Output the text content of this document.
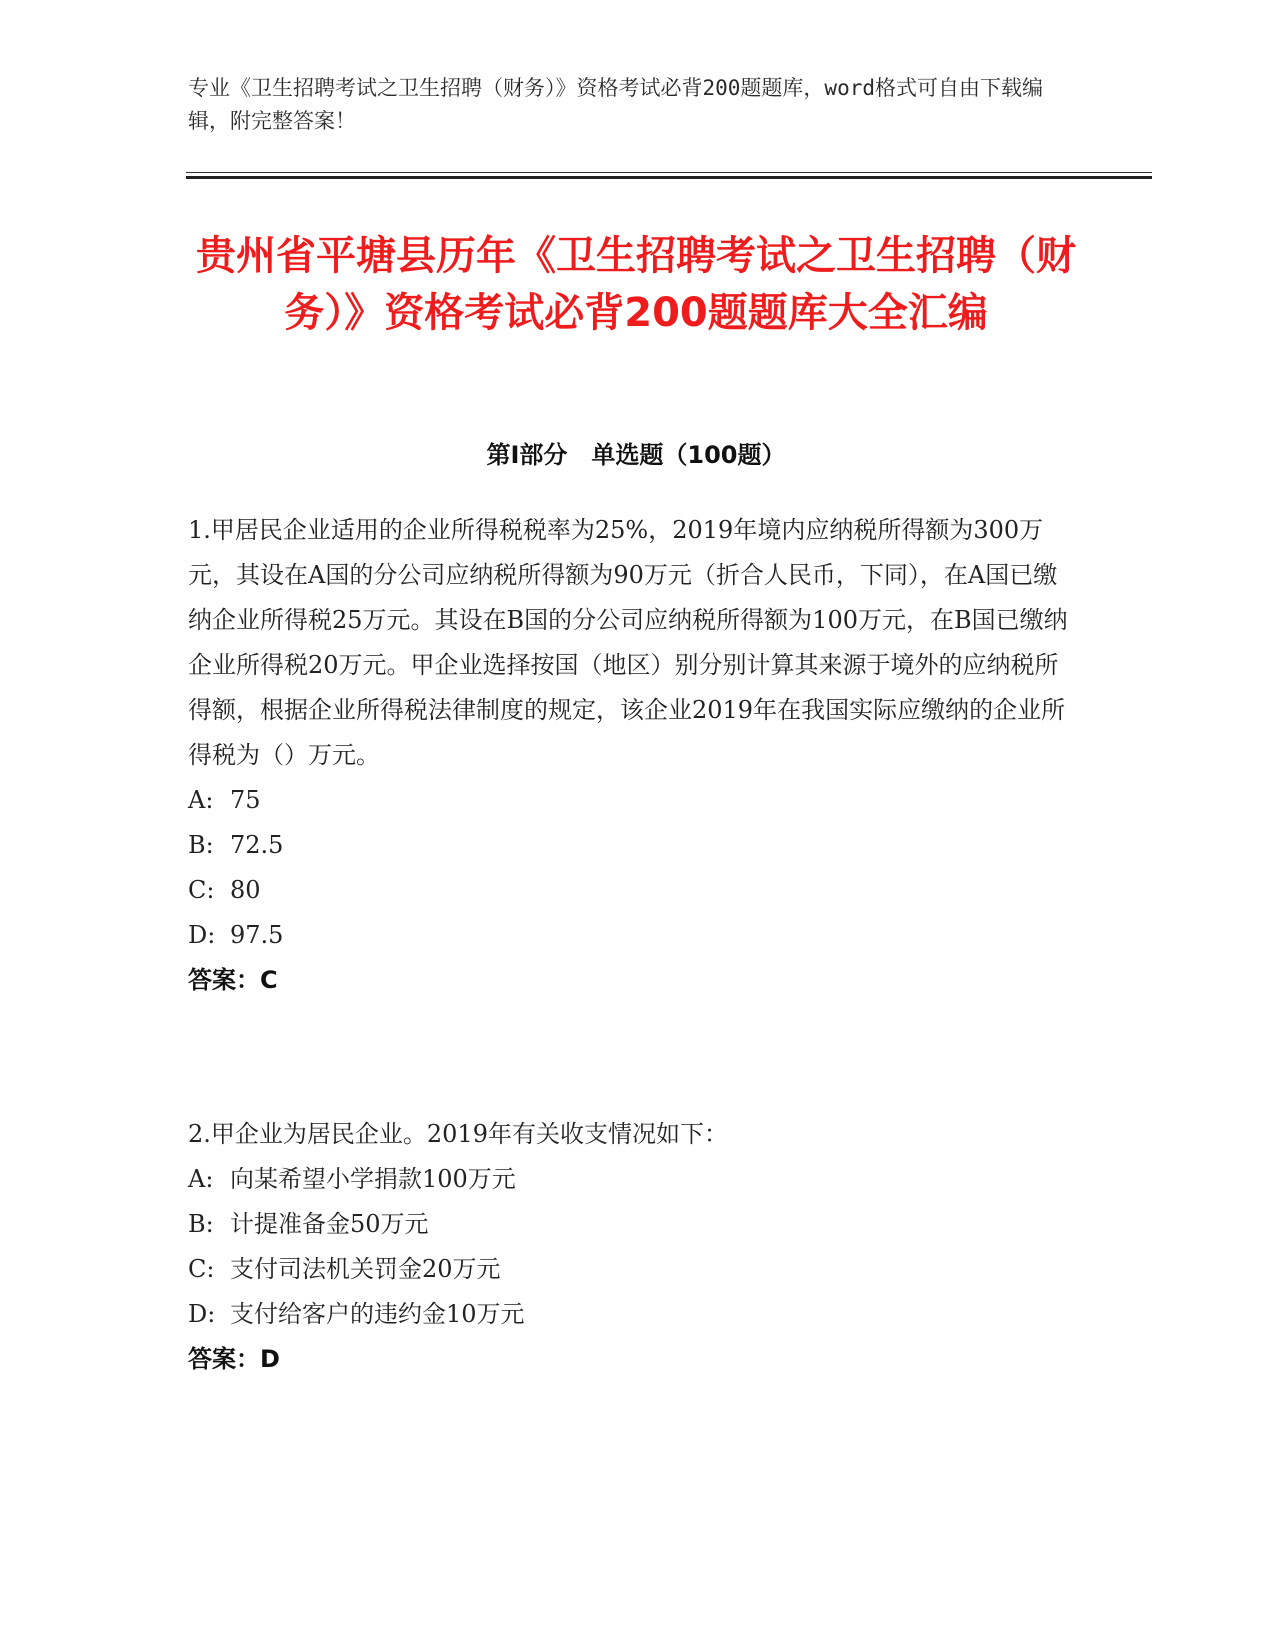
专业《卫生招聘考试之卫生招聘（财务）》资格考试必背200题题库，word格式可自由下载编辑，附完整答案！
贵州省平塘县历年《卫生招聘考试之卫生招聘（财务）》资格考试必背200题题库大全汇编
第I部分　单选题（100题）
1.甲居民企业适用的企业所得税税率为25%，2019年境内应纳税所得额为300万元，其设在A国的分公司应纳税所得额为90万元（折合人民币，下同），在A国已缴纳企业所得税25万元。其设在B国的分公司应纳税所得额为100万元，在B国已缴纳企业所得税20万元。甲企业选择按国（地区）别分别计算其来源于境外的应纳税所得额，根据企业所得税法律制度的规定，该企业2019年在我国实际应缴纳的企业所得税为（）万元。
A: 75
B: 72.5
C: 80
D: 97.5
答案：C
2.甲企业为居民企业。2019年有关收支情况如下：
A: 向某希望小学捐款100万元
B: 计提准备金50万元
C: 支付司法机关罚金20万元
D: 支付给客户的违约金10万元
答案：D
